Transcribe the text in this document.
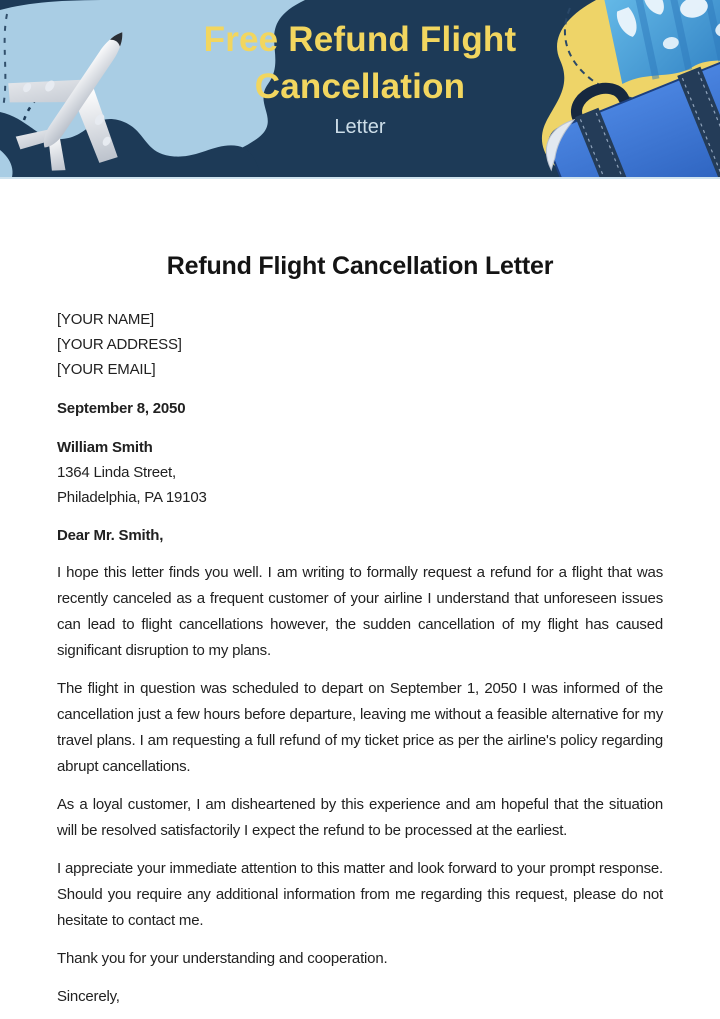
Free Refund Flight Cancellation
Letter
Refund Flight Cancellation Letter
[YOUR NAME]
[YOUR ADDRESS]
[YOUR EMAIL]

September 8, 2050

William Smith
1364 Linda Street,
Philadelphia, PA 19103

Dear Mr. Smith,

I hope this letter finds you well. I am writing to formally request a refund for a flight that was recently canceled as a frequent customer of your airline I understand that unforeseen issues can lead to flight cancellations however, the sudden cancellation of my flight has caused significant disruption to my plans.

The flight in question was scheduled to depart on September 1, 2050 I was informed of the cancellation just a few hours before departure, leaving me without a feasible alternative for my travel plans. I am requesting a full refund of my ticket price as per the airline's policy regarding abrupt cancellations.

As a loyal customer, I am disheartened by this experience and am hopeful that the situation will be resolved satisfactorily I expect the refund to be processed at the earliest.

I appreciate your immediate attention to this matter and look forward to your prompt response. Should you require any additional information from me regarding this request, please do not hesitate to contact me.

Thank you for your understanding and cooperation.

Sincerely,
